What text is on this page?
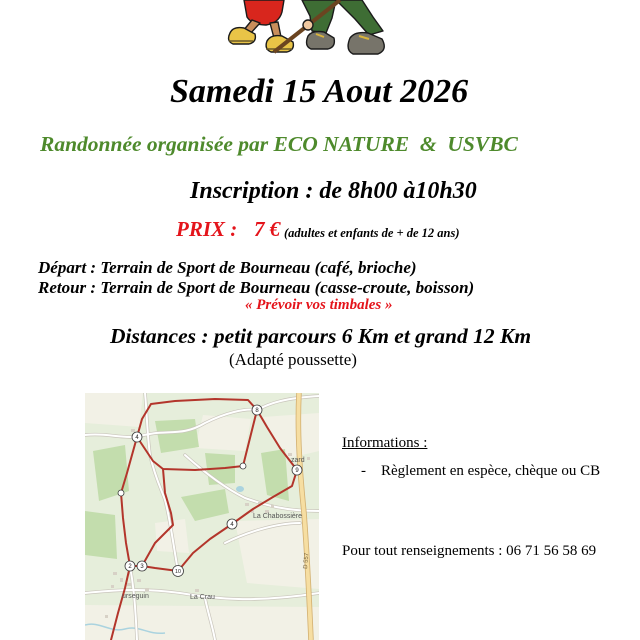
Samedi 15 Aout 2026
Randonnée organisée par ECO NATURE  &  USVBC
Inscription : de 8h00 à10h30
PRIX : 7 € (adultes et enfants de + de 12 ans)
Départ : Terrain de Sport de Bourneau (café, brioche)
Retour : Terrain de Sport de Bourneau (casse-croute, boisson)
« Prévoir vos timbales »
Distances : petit parcours 6 Km et grand 12 Km
(Adapté poussette)
4
8
9
4
10
2 3
La Chabossière
La Crau
urseguin
zard
D 557
Informations :
- Règlement en espèce, chèque ou CB
Pour tout renseignements : 06 71 56 58 69
